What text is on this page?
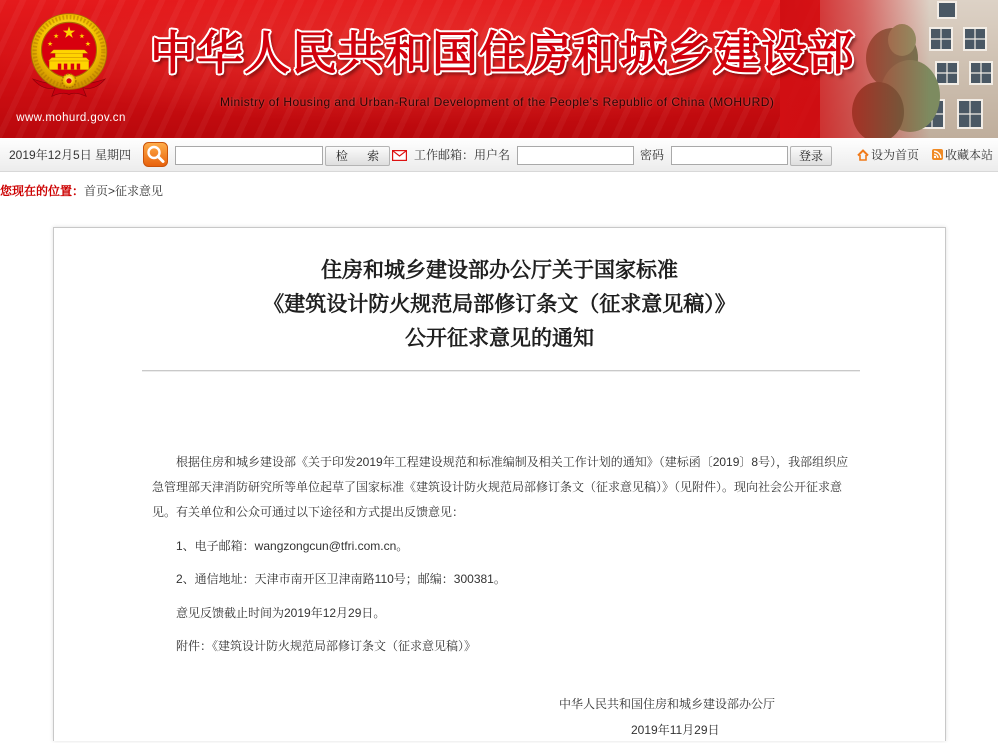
www.mohurd.gov.cn
中华人民共和国住房和城乡建设部
Ministry of Housing and Urban-Rural Development of the People's Republic of China (MOHURD)
2019年12月5日 星期四	检 索 工作邮箱：用户名	密码	登录	设为首页 收藏本站
您现在的位置：首页>征求意见
住房和城乡建设部办公厅关于国家标准
《建筑设计防火规范局部修订条文（征求意见稿）》
公开征求意见的通知

根据住房和城乡建设部《关于印发2019年工程建设规范和标准编制及相关工作计划的通知》（建标函〔2019〕8号），我部组织应急管理部天津消防研究所等单位起草了国家标准《建筑设计防火规范局部修订条文（征求意见稿）》（见附件）。现向社会公开征求意见。有关单位和公众可通过以下途径和方式提出反馈意见：

1、电子邮箱：wangzongcun@tfri.com.cn。

2、通信地址：天津市南开区卫津南路110号；邮编：300381。

意见反馈截止时间为2019年12月29日。

附件：《建筑设计防火规范局部修订条文（征求意见稿）》

中华人民共和国住房和城乡建设部办公厅
2019年11月29日
